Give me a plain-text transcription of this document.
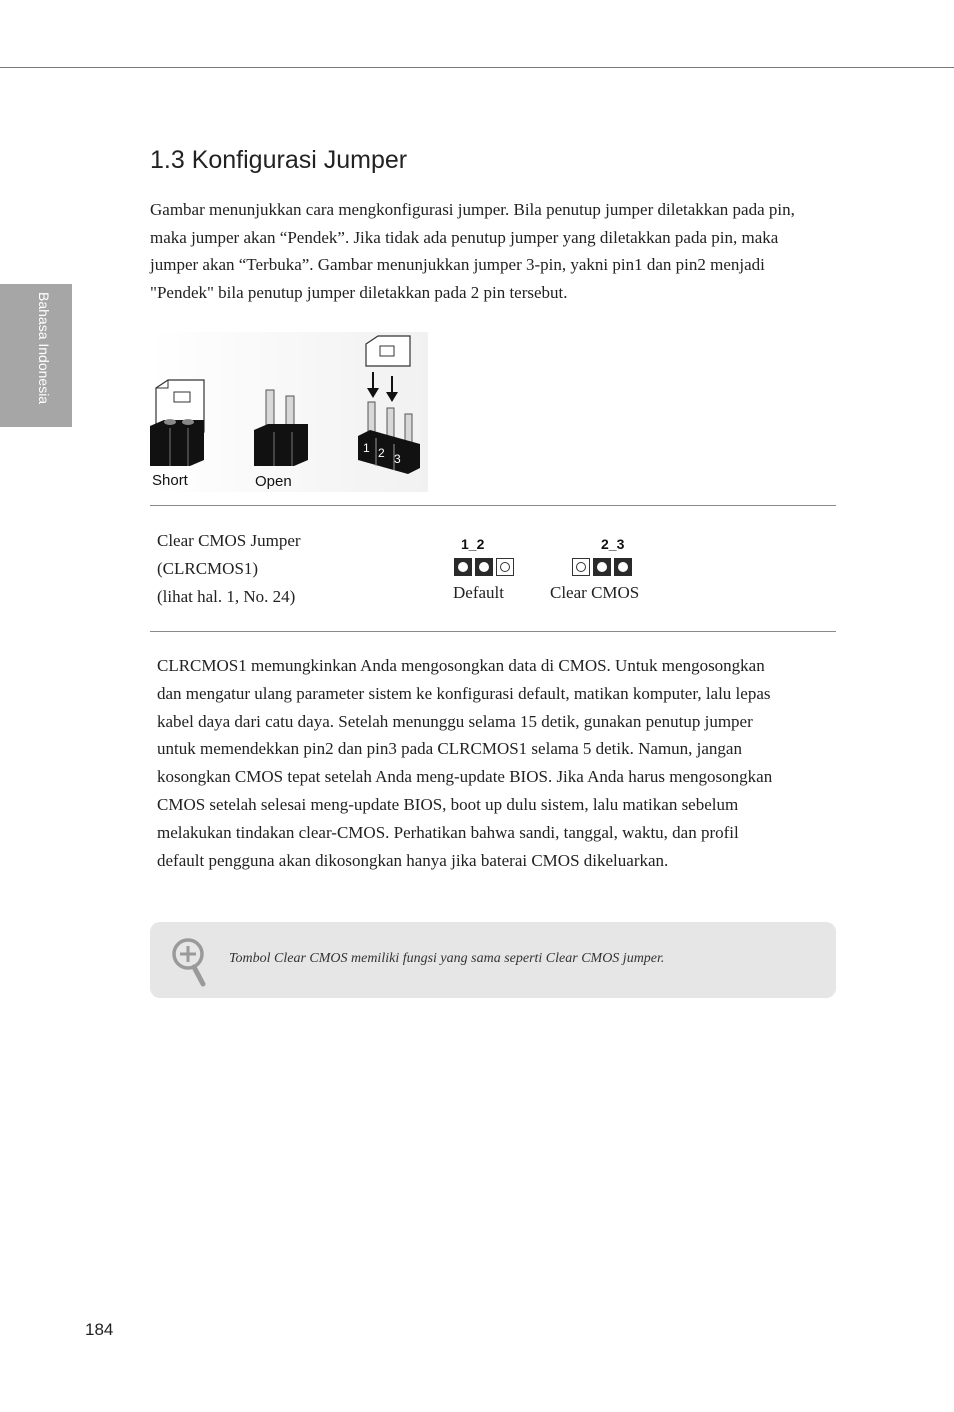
Bahasa Indonesia
1.3 Konfigurasi Jumper

Gambar menunjukkan cara mengkonfigurasi jumper. Bila penutup jumper diletakkan pada pin, maka jumper akan “Pendek”. Jika tidak ada penutup jumper yang diletakkan pada pin, maka jumper akan “Terbuka”. Gambar menunjukkan jumper 3-pin, yakni pin1 dan pin2 menjadi "Pendek" bila penutup jumper diletakkan pada 2 pin tersebut.

Short	Open
1 2 3
Clear CMOS Jumper
(CLRCMOS1)
(lihat hal. 1, No. 24)
1_2
Default
2_3
Clear CMOS

CLRCMOS1 memungkinkan Anda mengosongkan data di CMOS. Untuk mengosongkan dan mengatur ulang parameter sistem ke konfigurasi default, matikan komputer, lalu lepas kabel daya dari catu daya. Setelah menunggu selama 15 detik, gunakan penutup jumper untuk memendekkan pin2 dan pin3 pada CLRCMOS1 selama 5 detik. Namun, jangan kosongkan CMOS tepat setelah Anda meng-update BIOS. Jika Anda harus mengosongkan CMOS setelah selesai meng-update BIOS, boot up dulu sistem, lalu matikan sebelum melakukan tindakan clear-CMOS. Perhatikan bahwa sandi, tanggal, waktu, dan profil default pengguna akan dikosongkan hanya jika baterai CMOS dikeluarkan.

Tombol Clear CMOS memiliki fungsi yang sama seperti Clear CMOS jumper.
184
